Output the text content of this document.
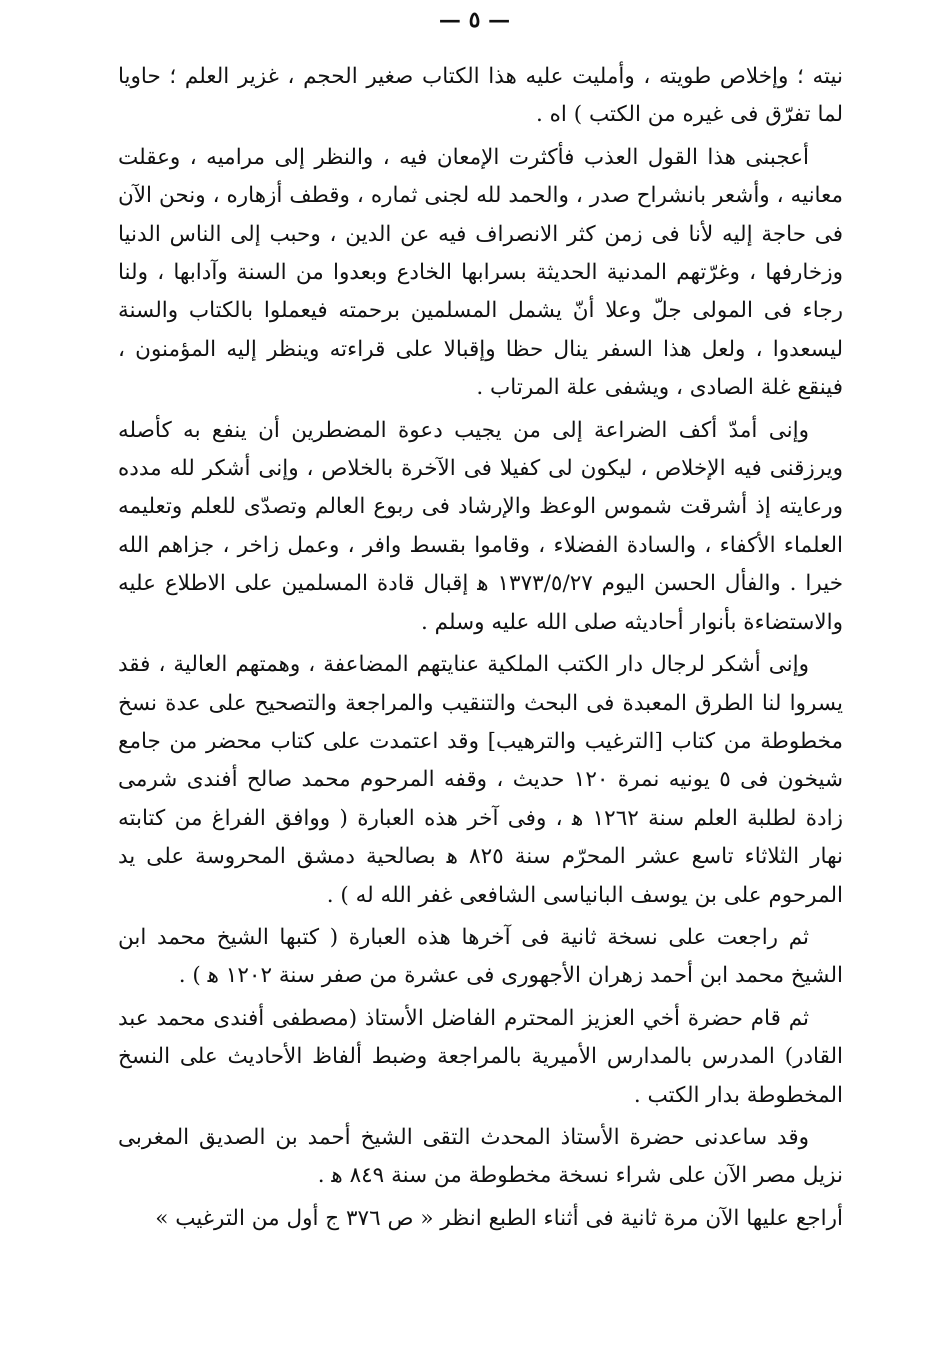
— ٥ —

نيته ؛ وإخلاص طويته ، وأمليت عليه هذا الكتاب صغير الحجم ، غزير العلم ؛ حاويا لما تفرّق فى غيره من الكتب ) اه .

أعجبنى هذا القول العذب فأكثرت الإمعان فيه ، والنظر إلى مراميه ، وعقلت معانيه ، وأشعر بانشراح صدر ، والحمد لله لجنى ثماره ، وقطف أزهاره ، ونحن الآن فى حاجة إليه لأنا فى زمن كثر الانصراف فيه عن الدين ، وحبب إلى الناس الدنيا وزخارفها ، وغرّتهم المدنية الحديثة بسرابها الخادع وبعدوا من السنة وآدابها ، ولنا رجاء فى المولى جلّ وعلا أنّ يشمل المسلمين برحمته فيعملوا بالكتاب والسنة ليسعدوا ، ولعل هذا السفر ينال حظا وإقبالا على قراءته وينظر إليه المؤمنون ، فينقع غلة الصادى ، ويشفى علة المرتاب .

وإنى أمدّ أكف الضراعة إلى من يجيب دعوة المضطرين أن ينفع به كأصله ويرزقنى فيه الإخلاص ، ليكون لى كفيلا فى الآخرة بالخلاص ، وإنى أشكر لله مدده ورعايته إذ أشرقت شموس الوعظ والإرشاد فى ربوع العالم وتصدّى للعلم وتعليمه العلماء الأكفاء ، والسادة الفضلاء ، وقاموا بقسط وافر ، وعمل زاخر ، جزاهم الله خيرا . والفأل الحسن اليوم ١٣٧٣/٥/٢٧ ﻫ إقبال قادة المسلمين على الاطلاع عليه والاستضاءة بأنوار أحاديثه صلى الله عليه وسلم .

وإنى أشكر لرجال دار الكتب الملكية عنايتهم المضاعفة ، وهمتهم العالية ، فقد يسروا لنا الطرق المعبدة فى البحث والتنقيب والمراجعة والتصحيح على عدة نسخ مخطوطة من كتاب [الترغيب والترهيب] وقد اعتمدت على كتاب محضر من جامع شيخون فى ٥ يونيه نمرة ١٢٠ حديث ، وقفه المرحوم محمد صالح أفندى شرمى زادة لطلبة العلم سنة ١٢٦٢ ﻫ ، وفى آخر هذه العبارة ( ووافق الفراغ من كتابته نهار الثلاثاء تاسع عشر المحرّم سنة ٨٢٥ ﻫ بصالحية دمشق المحروسة على يد المرحوم على بن يوسف البانياسى الشافعى غفر الله له ) .

ثم راجعت على نسخة ثانية فى آخرها هذه العبارة ( كتبها الشيخ محمد ابن الشيخ محمد ابن أحمد زهران الأجهورى فى عشرة من صفر سنة ١٢٠٢ ﻫ ) .

ثم قام حضرة أخي العزيز المحترم الفاضل الأستاذ (مصطفى أفندى محمد عبد القادر) المدرس بالمدارس الأميرية بالمراجعة وضبط ألفاظ الأحاديث على النسخ المخطوطة بدار الكتب .

وقد ساعدنى حضرة الأستاذ المحدث التقى الشيخ أحمد بن الصديق المغربى نزيل مصر الآن على شراء نسخة مخطوطة من سنة ٨٤٩ ﻫ .

أراجع عليها الآن مرة ثانية فى أثناء الطبع انظر « ص ٣٧٦ ج أول من الترغيب »
